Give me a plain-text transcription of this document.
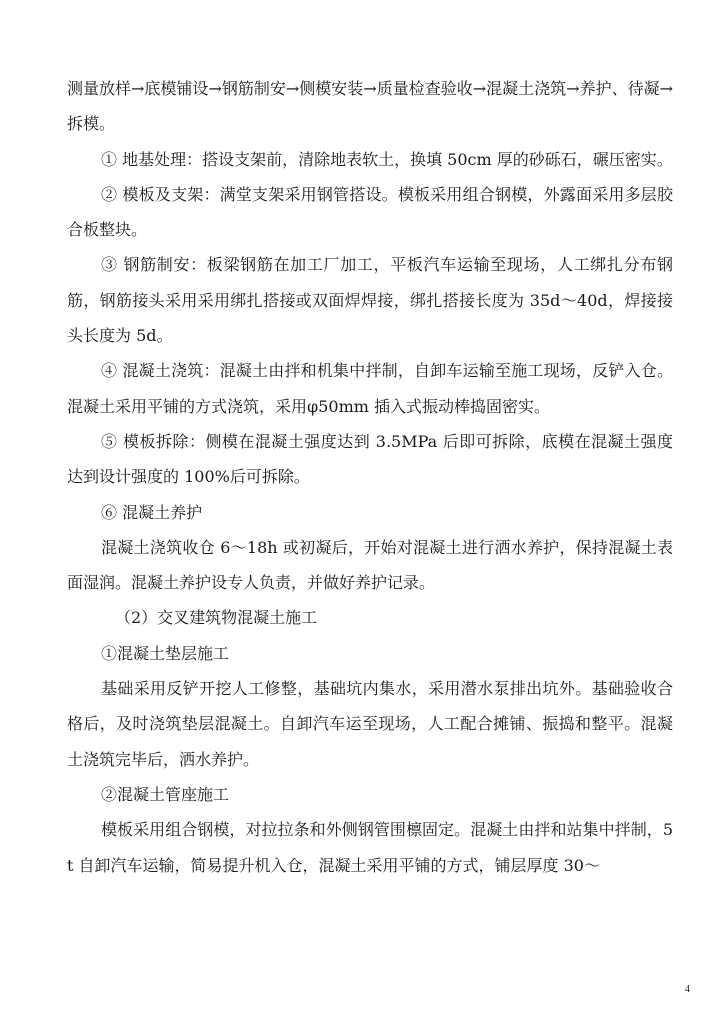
测量放样→底模铺设→钢筋制安→侧模安装→质量检查验收→混凝土浇筑→养护、待凝→拆模。

① 地基处理：搭设支架前，清除地表软土，换填 50cm 厚的砂砾石，碾压密实。

② 模板及支架：满堂支架采用钢管搭设。模板采用组合钢模，外露面采用多层胶合板整块。

③ 钢筋制安：板梁钢筋在加工厂加工，平板汽车运输至现场，人工绑扎分布钢筋，钢筋接头采用采用绑扎搭接或双面焊焊接，绑扎搭接长度为 35d～40d，焊接接头长度为 5d。

④ 混凝土浇筑：混凝土由拌和机集中拌制，自卸车运输至施工现场，反铲入仓。混凝土采用平铺的方式浇筑，采用φ50mm 插入式振动棒捣固密实。

⑤ 模板拆除：侧模在混凝土强度达到 3.5MPa 后即可拆除，底模在混凝土强度达到设计强度的 100%后可拆除。

⑥ 混凝土养护

混凝土浇筑收仓 6～18h 或初凝后，开始对混凝土进行洒水养护，保持混凝土表面湿润。混凝土养护设专人负责，并做好养护记录。

（2）交叉建筑物混凝土施工

①混凝土垫层施工

基础采用反铲开挖人工修整，基础坑内集水，采用潜水泵排出坑外。基础验收合格后，及时浇筑垫层混凝土。自卸汽车运至现场，人工配合摊铺、振捣和整平。混凝土浇筑完毕后，洒水养护。

②混凝土管座施工

模板采用组合钢模，对拉拉条和外侧钢管围檩固定。混凝土由拌和站集中拌制，5t 自卸汽车运输，简易提升机入仓，混凝土采用平铺的方式，铺层厚度 30～

4
